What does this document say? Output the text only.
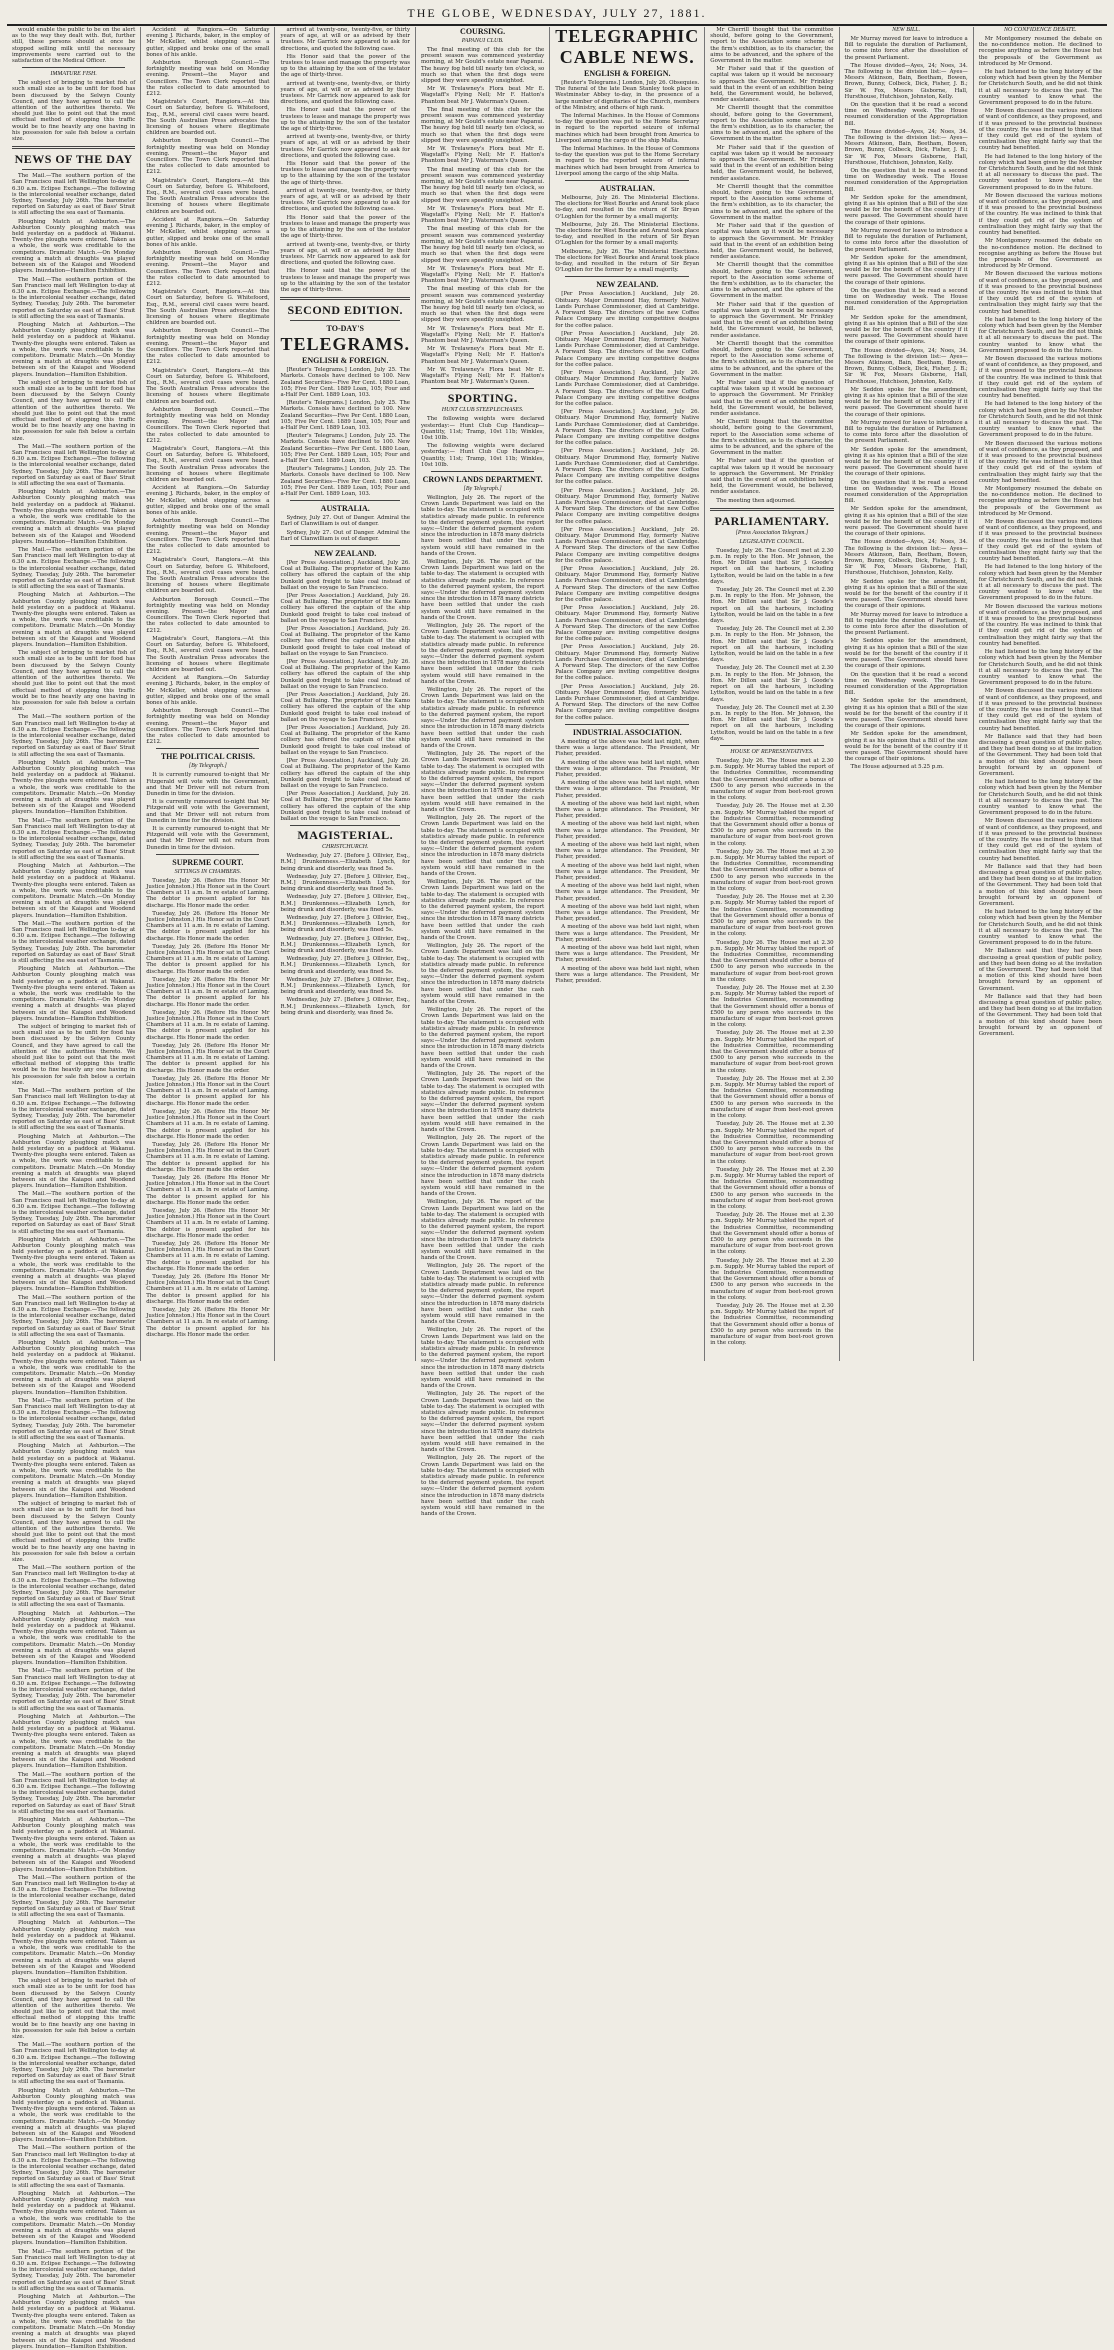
THE GLOBE, WEDNESDAY, JULY 27, 1881.

would enable the public to be on the alert as to the way they dealt with. But, further still, these persons should at once be stopped selling milk until the necessary improvements were carried out to the satisfaction of the Medical Officer.

IMMATURE FISH.

The subject of bringing to market fish of such small size as to be unfit for food has been discussed by the Selwyn County Council, and they have agreed to call the attention of the authorities thereto. We should just like to point out that the most effectual method of stopping this traffic would be to fine heavily any one having in his possession for sale fish below a certain size.

NEWS OF THE DAY

The Mail.—The southern portion of the San Francisco mail left Wellington to-day at 6.30 a.m. Eclipse Exchange.—The following is the intercolonial weather exchange, dated Sydney, Tuesday, July 26th. The barometer reported on Saturday as east of Bass' Strait is still affecting the sea east of Tasmania.

Ploughing Match at Ashburton.—The Ashburton County ploughing match was held yesterday on a paddock at Wakanui. Twenty-five ploughs were entered. Taken as a whole, the work was creditable to the competitors. Dramatic Match.—On Monday evening a match at draughts was played between six of the Kaiapoi and Woodend players. Inundation—Hamilton Exhibition.

The Mail.—The southern portion of the San Francisco mail left Wellington to-day at 6.30 a.m. Eclipse Exchange.—The following is the intercolonial weather exchange, dated Sydney, Tuesday, July 26th. The barometer reported on Saturday as east of Bass' Strait is still affecting the sea east of Tasmania.

Ploughing Match at Ashburton.—The Ashburton County ploughing match was held yesterday on a paddock at Wakanui. Twenty-five ploughs were entered. Taken as a whole, the work was creditable to the competitors. Dramatic Match.—On Monday evening a match at draughts was played between six of the Kaiapoi and Woodend players. Inundation—Hamilton Exhibition.

The subject of bringing to market fish of such small size as to be unfit for food has been discussed by the Selwyn County Council, and they have agreed to call the attention of the authorities thereto. We should just like to point out that the most effectual method of stopping this traffic would be to fine heavily any one having in his possession for sale fish below a certain size.

The Mail.—The southern portion of the San Francisco mail left Wellington to-day at 6.30 a.m. Eclipse Exchange.—The following is the intercolonial weather exchange, dated Sydney, Tuesday, July 26th. The barometer reported on Saturday as east of Bass' Strait is still affecting the sea east of Tasmania.

Ploughing Match at Ashburton.—The Ashburton County ploughing match was held yesterday on a paddock at Wakanui. Twenty-five ploughs were entered. Taken as a whole, the work was creditable to the competitors. Dramatic Match.—On Monday evening a match at draughts was played between six of the Kaiapoi and Woodend players. Inundation—Hamilton Exhibition.

The Mail.—The southern portion of the San Francisco mail left Wellington to-day at 6.30 a.m. Eclipse Exchange.—The following is the intercolonial weather exchange, dated Sydney, Tuesday, July 26th. The barometer reported on Saturday as east of Bass' Strait is still affecting the sea east of Tasmania.

Ploughing Match at Ashburton.—The Ashburton County ploughing match was held yesterday on a paddock at Wakanui. Twenty-five ploughs were entered. Taken as a whole, the work was creditable to the competitors. Dramatic Match.—On Monday evening a match at draughts was played between six of the Kaiapoi and Woodend players. Inundation—Hamilton Exhibition.

The subject of bringing to market fish of such small size as to be unfit for food has been discussed by the Selwyn County Council, and they have agreed to call the attention of the authorities thereto. We should just like to point out that the most effectual method of stopping this traffic would be to fine heavily any one having in his possession for sale fish below a certain size.

The Mail.—The southern portion of the San Francisco mail left Wellington to-day at 6.30 a.m. Eclipse Exchange.—The following is the intercolonial weather exchange, dated Sydney, Tuesday, July 26th. The barometer reported on Saturday as east of Bass' Strait is still affecting the sea east of Tasmania.

Ploughing Match at Ashburton.—The Ashburton County ploughing match was held yesterday on a paddock at Wakanui. Twenty-five ploughs were entered. Taken as a whole, the work was creditable to the competitors. Dramatic Match.—On Monday evening a match at draughts was played between six of the Kaiapoi and Woodend players. Inundation—Hamilton Exhibition.

The Mail.—The southern portion of the San Francisco mail left Wellington to-day at 6.30 a.m. Eclipse Exchange.—The following is the intercolonial weather exchange, dated Sydney, Tuesday, July 26th. The barometer reported on Saturday as east of Bass' Strait is still affecting the sea east of Tasmania.

Ploughing Match at Ashburton.—The Ashburton County ploughing match was held yesterday on a paddock at Wakanui. Twenty-five ploughs were entered. Taken as a whole, the work was creditable to the competitors. Dramatic Match.—On Monday evening a match at draughts was played between six of the Kaiapoi and Woodend players. Inundation—Hamilton Exhibition.

The Mail.—The southern portion of the San Francisco mail left Wellington to-day at 6.30 a.m. Eclipse Exchange.—The following is the intercolonial weather exchange, dated Sydney, Tuesday, July 26th. The barometer reported on Saturday as east of Bass' Strait is still affecting the sea east of Tasmania.

Ploughing Match at Ashburton.—The Ashburton County ploughing match was held yesterday on a paddock at Wakanui. Twenty-five ploughs were entered. Taken as a whole, the work was creditable to the competitors. Dramatic Match.—On Monday evening a match at draughts was played between six of the Kaiapoi and Woodend players. Inundation—Hamilton Exhibition.

The subject of bringing to market fish of such small size as to be unfit for food has been discussed by the Selwyn County Council, and they have agreed to call the attention of the authorities thereto. We should just like to point out that the most effectual method of stopping this traffic would be to fine heavily any one having in his possession for sale fish below a certain size.

The Mail.—The southern portion of the San Francisco mail left Wellington to-day at 6.30 a.m. Eclipse Exchange.—The following is the intercolonial weather exchange, dated Sydney, Tuesday, July 26th. The barometer reported on Saturday as east of Bass' Strait is still affecting the sea east of Tasmania.

Ploughing Match at Ashburton.—The Ashburton County ploughing match was held yesterday on a paddock at Wakanui. Twenty-five ploughs were entered. Taken as a whole, the work was creditable to the competitors. Dramatic Match.—On Monday evening a match at draughts was played between six of the Kaiapoi and Woodend players. Inundation—Hamilton Exhibition.

The Mail.—The southern portion of the San Francisco mail left Wellington to-day at 6.30 a.m. Eclipse Exchange.—The following is the intercolonial weather exchange, dated Sydney, Tuesday, July 26th. The barometer reported on Saturday as east of Bass' Strait is still affecting the sea east of Tasmania.

Ploughing Match at Ashburton.—The Ashburton County ploughing match was held yesterday on a paddock at Wakanui. Twenty-five ploughs were entered. Taken as a whole, the work was creditable to the competitors. Dramatic Match.—On Monday evening a match at draughts was played between six of the Kaiapoi and Woodend players. Inundation—Hamilton Exhibition.

The Mail.—The southern portion of the San Francisco mail left Wellington to-day at 6.30 a.m. Eclipse Exchange.—The following is the intercolonial weather exchange, dated Sydney, Tuesday, July 26th. The barometer reported on Saturday as east of Bass' Strait is still affecting the sea east of Tasmania.

Ploughing Match at Ashburton.—The Ashburton County ploughing match was held yesterday on a paddock at Wakanui. Twenty-five ploughs were entered. Taken as a whole, the work was creditable to the competitors. Dramatic Match.—On Monday evening a match at draughts was played between six of the Kaiapoi and Woodend players. Inundation—Hamilton Exhibition.

The Mail.—The southern portion of the San Francisco mail left Wellington to-day at 6.30 a.m. Eclipse Exchange.—The following is the intercolonial weather exchange, dated Sydney, Tuesday, July 26th. The barometer reported on Saturday as east of Bass' Strait is still affecting the sea east of Tasmania.

Ploughing Match at Ashburton.—The Ashburton County ploughing match was held yesterday on a paddock at Wakanui. Twenty-five ploughs were entered. Taken as a whole, the work was creditable to the competitors. Dramatic Match.—On Monday evening a match at draughts was played between six of the Kaiapoi and Woodend players. Inundation—Hamilton Exhibition.

The subject of bringing to market fish of such small size as to be unfit for food has been discussed by the Selwyn County Council, and they have agreed to call the attention of the authorities thereto. We should just like to point out that the most effectual method of stopping this traffic would be to fine heavily any one having in his possession for sale fish below a certain size.

The Mail.—The southern portion of the San Francisco mail left Wellington to-day at 6.30 a.m. Eclipse Exchange.—The following is the intercolonial weather exchange, dated Sydney, Tuesday, July 26th. The barometer reported on Saturday as east of Bass' Strait is still affecting the sea east of Tasmania.

Ploughing Match at Ashburton.—The Ashburton County ploughing match was held yesterday on a paddock at Wakanui. Twenty-five ploughs were entered. Taken as a whole, the work was creditable to the competitors. Dramatic Match.—On Monday evening a match at draughts was played between six of the Kaiapoi and Woodend players. Inundation—Hamilton Exhibition.

The Mail.—The southern portion of the San Francisco mail left Wellington to-day at 6.30 a.m. Eclipse Exchange.—The following is the intercolonial weather exchange, dated Sydney, Tuesday, July 26th. The barometer reported on Saturday as east of Bass' Strait is still affecting the sea east of Tasmania.

Ploughing Match at Ashburton.—The Ashburton County ploughing match was held yesterday on a paddock at Wakanui. Twenty-five ploughs were entered. Taken as a whole, the work was creditable to the competitors. Dramatic Match.—On Monday evening a match at draughts was played between six of the Kaiapoi and Woodend players. Inundation—Hamilton Exhibition.

The Mail.—The southern portion of the San Francisco mail left Wellington to-day at 6.30 a.m. Eclipse Exchange.—The following is the intercolonial weather exchange, dated Sydney, Tuesday, July 26th. The barometer reported on Saturday as east of Bass' Strait is still affecting the sea east of Tasmania.

Ploughing Match at Ashburton.—The Ashburton County ploughing match was held yesterday on a paddock at Wakanui. Twenty-five ploughs were entered. Taken as a whole, the work was creditable to the competitors. Dramatic Match.—On Monday evening a match at draughts was played between six of the Kaiapoi and Woodend players. Inundation—Hamilton Exhibition.

The Mail.—The southern portion of the San Francisco mail left Wellington to-day at 6.30 a.m. Eclipse Exchange.—The following is the intercolonial weather exchange, dated Sydney, Tuesday, July 26th. The barometer reported on Saturday as east of Bass' Strait is still affecting the sea east of Tasmania.

Ploughing Match at Ashburton.—The Ashburton County ploughing match was held yesterday on a paddock at Wakanui. Twenty-five ploughs were entered. Taken as a whole, the work was creditable to the competitors. Dramatic Match.—On Monday evening a match at draughts was played between six of the Kaiapoi and Woodend players. Inundation—Hamilton Exhibition.

The subject of bringing to market fish of such small size as to be unfit for food has been discussed by the Selwyn County Council, and they have agreed to call the attention of the authorities thereto. We should just like to point out that the most effectual method of stopping this traffic would be to fine heavily any one having in his possession for sale fish below a certain size.

The Mail.—The southern portion of the San Francisco mail left Wellington to-day at 6.30 a.m. Eclipse Exchange.—The following is the intercolonial weather exchange, dated Sydney, Tuesday, July 26th. The barometer reported on Saturday as east of Bass' Strait is still affecting the sea east of Tasmania.

Ploughing Match at Ashburton.—The Ashburton County ploughing match was held yesterday on a paddock at Wakanui. Twenty-five ploughs were entered. Taken as a whole, the work was creditable to the competitors. Dramatic Match.—On Monday evening a match at draughts was played between six of the Kaiapoi and Woodend players. Inundation—Hamilton Exhibition.

The Mail.—The southern portion of the San Francisco mail left Wellington to-day at 6.30 a.m. Eclipse Exchange.—The following is the intercolonial weather exchange, dated Sydney, Tuesday, July 26th. The barometer reported on Saturday as east of Bass' Strait is still affecting the sea east of Tasmania.

Ploughing Match at Ashburton.—The Ashburton County ploughing match was held yesterday on a paddock at Wakanui. Twenty-five ploughs were entered. Taken as a whole, the work was creditable to the competitors. Dramatic Match.—On Monday evening a match at draughts was played between six of the Kaiapoi and Woodend players. Inundation—Hamilton Exhibition.

The Mail.—The southern portion of the San Francisco mail left Wellington to-day at 6.30 a.m. Eclipse Exchange.—The following is the intercolonial weather exchange, dated Sydney, Tuesday, July 26th. The barometer reported on Saturday as east of Bass' Strait is still affecting the sea east of Tasmania.

Ploughing Match at Ashburton.—The Ashburton County ploughing match was held yesterday on a paddock at Wakanui. Twenty-five ploughs were entered. Taken as a whole, the work was creditable to the competitors. Dramatic Match.—On Monday evening a match at draughts was played between six of the Kaiapoi and Woodend players. Inundation—Hamilton Exhibition.

Accident at Rangiora.—On Saturday evening J. Richards, baker, in the employ of Mr McKeller, whilst stepping across a gutter, slipped and broke one of the small bones of his ankle.

Ashburton Borough Council.—The fortnightly meeting was held on Monday evening. Present—the Mayor and Councillors. The Town Clerk reported that the rates collected to date amounted to £212.

Magistrate's Court, Rangiora.—At this Court on Saturday, before G. Whitefoord, Esq., R.M., several civil cases were heard. The South Australian Press advocates the licensing of houses where illegitimate children are boarded out.

Ashburton Borough Council.—The fortnightly meeting was held on Monday evening. Present—the Mayor and Councillors. The Town Clerk reported that the rates collected to date amounted to £212.

Magistrate's Court, Rangiora.—At this Court on Saturday, before G. Whitefoord, Esq., R.M., several civil cases were heard. The South Australian Press advocates the licensing of houses where illegitimate children are boarded out.

Accident at Rangiora.—On Saturday evening J. Richards, baker, in the employ of Mr McKeller, whilst stepping across a gutter, slipped and broke one of the small bones of his ankle.

Ashburton Borough Council.—The fortnightly meeting was held on Monday evening. Present—the Mayor and Councillors. The Town Clerk reported that the rates collected to date amounted to £212.

Magistrate's Court, Rangiora.—At this Court on Saturday, before G. Whitefoord, Esq., R.M., several civil cases were heard. The South Australian Press advocates the licensing of houses where illegitimate children are boarded out.

Ashburton Borough Council.—The fortnightly meeting was held on Monday evening. Present—the Mayor and Councillors. The Town Clerk reported that the rates collected to date amounted to £212.

Magistrate's Court, Rangiora.—At this Court on Saturday, before G. Whitefoord, Esq., R.M., several civil cases were heard. The South Australian Press advocates the licensing of houses where illegitimate children are boarded out.

Ashburton Borough Council.—The fortnightly meeting was held on Monday evening. Present—the Mayor and Councillors. The Town Clerk reported that the rates collected to date amounted to £212.

Magistrate's Court, Rangiora.—At this Court on Saturday, before G. Whitefoord, Esq., R.M., several civil cases were heard. The South Australian Press advocates the licensing of houses where illegitimate children are boarded out.

Accident at Rangiora.—On Saturday evening J. Richards, baker, in the employ of Mr McKeller, whilst stepping across a gutter, slipped and broke one of the small bones of his ankle.

Ashburton Borough Council.—The fortnightly meeting was held on Monday evening. Present—the Mayor and Councillors. The Town Clerk reported that the rates collected to date amounted to £212.

Magistrate's Court, Rangiora.—At this Court on Saturday, before G. Whitefoord, Esq., R.M., several civil cases were heard. The South Australian Press advocates the licensing of houses where illegitimate children are boarded out.

Ashburton Borough Council.—The fortnightly meeting was held on Monday evening. Present—the Mayor and Councillors. The Town Clerk reported that the rates collected to date amounted to £212.

Magistrate's Court, Rangiora.—At this Court on Saturday, before G. Whitefoord, Esq., R.M., several civil cases were heard. The South Australian Press advocates the licensing of houses where illegitimate children are boarded out.

Accident at Rangiora.—On Saturday evening J. Richards, baker, in the employ of Mr McKeller, whilst stepping across a gutter, slipped and broke one of the small bones of his ankle.

Ashburton Borough Council.—The fortnightly meeting was held on Monday evening. Present—the Mayor and Councillors. The Town Clerk reported that the rates collected to date amounted to £212.

THE POLITICAL CRISIS.

[By Telegraph.]

It is currently rumoured to-night that Mr Fitzgerald will vote with the Government, and that Mr Driver will not return from Dunedin in time for the division.

It is currently rumoured to-night that Mr Fitzgerald will vote with the Government, and that Mr Driver will not return from Dunedin in time for the division.

It is currently rumoured to-night that Mr Fitzgerald will vote with the Government, and that Mr Driver will not return from Dunedin in time for the division.

SUPREME COURT.

SITTINGS IN CHAMBERS.

Tuesday, July 26. (Before His Honor Mr Justice Johnston.) His Honor sat in the Court Chambers at 11 a.m. In re estate of Laming. The debtor is present applied for his discharge. His Honor made the order.

Tuesday, July 26. (Before His Honor Mr Justice Johnston.) His Honor sat in the Court Chambers at 11 a.m. In re estate of Laming. The debtor is present applied for his discharge. His Honor made the order.

Tuesday, July 26. (Before His Honor Mr Justice Johnston.) His Honor sat in the Court Chambers at 11 a.m. In re estate of Laming. The debtor is present applied for his discharge. His Honor made the order.

Tuesday, July 26. (Before His Honor Mr Justice Johnston.) His Honor sat in the Court Chambers at 11 a.m. In re estate of Laming. The debtor is present applied for his discharge. His Honor made the order.

Tuesday, July 26. (Before His Honor Mr Justice Johnston.) His Honor sat in the Court Chambers at 11 a.m. In re estate of Laming. The debtor is present applied for his discharge. His Honor made the order.

Tuesday, July 26. (Before His Honor Mr Justice Johnston.) His Honor sat in the Court Chambers at 11 a.m. In re estate of Laming. The debtor is present applied for his discharge. His Honor made the order.

Tuesday, July 26. (Before His Honor Mr Justice Johnston.) His Honor sat in the Court Chambers at 11 a.m. In re estate of Laming. The debtor is present applied for his discharge. His Honor made the order.

Tuesday, July 26. (Before His Honor Mr Justice Johnston.) His Honor sat in the Court Chambers at 11 a.m. In re estate of Laming. The debtor is present applied for his discharge. His Honor made the order.

Tuesday, July 26. (Before His Honor Mr Justice Johnston.) His Honor sat in the Court Chambers at 11 a.m. In re estate of Laming. The debtor is present applied for his discharge. His Honor made the order.

Tuesday, July 26. (Before His Honor Mr Justice Johnston.) His Honor sat in the Court Chambers at 11 a.m. In re estate of Laming. The debtor is present applied for his discharge. His Honor made the order.

Tuesday, July 26. (Before His Honor Mr Justice Johnston.) His Honor sat in the Court Chambers at 11 a.m. In re estate of Laming. The debtor is present applied for his discharge. His Honor made the order.

Tuesday, July 26. (Before His Honor Mr Justice Johnston.) His Honor sat in the Court Chambers at 11 a.m. In re estate of Laming. The debtor is present applied for his discharge. His Honor made the order.

Tuesday, July 26. (Before His Honor Mr Justice Johnston.) His Honor sat in the Court Chambers at 11 a.m. In re estate of Laming. The debtor is present applied for his discharge. His Honor made the order.

Tuesday, July 26. (Before His Honor Mr Justice Johnston.) His Honor sat in the Court Chambers at 11 a.m. In re estate of Laming. The debtor is present applied for his discharge. His Honor made the order.

arrived at twenty-one, twenty-five, or thirty years of age, at will or as advised by their trustees. Mr Garrick now appeared to ask for directions, and quoted the following case.

His Honor said that the power of the trustees to lease and manage the property was up to the attaining by the son of the testator the age of thirty-three.

arrived at twenty-one, twenty-five, or thirty years of age, at will or as advised by their trustees. Mr Garrick now appeared to ask for directions, and quoted the following case.

His Honor said that the power of the trustees to lease and manage the property was up to the attaining by the son of the testator the age of thirty-three.

arrived at twenty-one, twenty-five, or thirty years of age, at will or as advised by their trustees. Mr Garrick now appeared to ask for directions, and quoted the following case.

His Honor said that the power of the trustees to lease and manage the property was up to the attaining by the son of the testator the age of thirty-three.

arrived at twenty-one, twenty-five, or thirty years of age, at will or as advised by their trustees. Mr Garrick now appeared to ask for directions, and quoted the following case.

His Honor said that the power of the trustees to lease and manage the property was up to the attaining by the son of the testator the age of thirty-three.

arrived at twenty-one, twenty-five, or thirty years of age, at will or as advised by their trustees. Mr Garrick now appeared to ask for directions, and quoted the following case.

His Honor said that the power of the trustees to lease and manage the property was up to the attaining by the son of the testator the age of thirty-three.

SECOND EDITION.

TO-DAY'S

TELEGRAMS.

ENGLISH & FOREIGN.

[Reuter's Telegrams.] London, July 25. The Markets. Consols have declined to 100. New Zealand Securities—Five Per Cent. 1880 Loan, 105; Five Per Cent. 1889 Loan, 105; Four and a-Half Per Cent. 1889 Loan, 103.

[Reuter's Telegrams.] London, July 25. The Markets. Consols have declined to 100. New Zealand Securities—Five Per Cent. 1880 Loan, 105; Five Per Cent. 1889 Loan, 105; Four and a-Half Per Cent. 1889 Loan, 103.

[Reuter's Telegrams.] London, July 25. The Markets. Consols have declined to 100. New Zealand Securities—Five Per Cent. 1880 Loan, 105; Five Per Cent. 1889 Loan, 105; Four and a-Half Per Cent. 1889 Loan, 103.

[Reuter's Telegrams.] London, July 25. The Markets. Consols have declined to 100. New Zealand Securities—Five Per Cent. 1880 Loan, 105; Five Per Cent. 1889 Loan, 105; Four and a-Half Per Cent. 1889 Loan, 103.

AUSTRALIA.

Sydney, July 27. Out of Danger. Admiral the Earl of Clanwilliam is out of danger.

Sydney, July 27. Out of Danger. Admiral the Earl of Clanwilliam is out of danger.

NEW ZEALAND.

[Per Press Association.] Auckland, July 26. Coal at Bulliaing. The proprietor of the Kamo colliery has offered the captain of the ship Dunkeld good freight to take coal instead of ballast on the voyage to San Francisco.

[Per Press Association.] Auckland, July 26. Coal at Bulliaing. The proprietor of the Kamo colliery has offered the captain of the ship Dunkeld good freight to take coal instead of ballast on the voyage to San Francisco.

[Per Press Association.] Auckland, July 26. Coal at Bulliaing. The proprietor of the Kamo colliery has offered the captain of the ship Dunkeld good freight to take coal instead of ballast on the voyage to San Francisco.

[Per Press Association.] Auckland, July 26. Coal at Bulliaing. The proprietor of the Kamo colliery has offered the captain of the ship Dunkeld good freight to take coal instead of ballast on the voyage to San Francisco.

[Per Press Association.] Auckland, July 26. Coal at Bulliaing. The proprietor of the Kamo colliery has offered the captain of the ship Dunkeld good freight to take coal instead of ballast on the voyage to San Francisco.

[Per Press Association.] Auckland, July 26. Coal at Bulliaing. The proprietor of the Kamo colliery has offered the captain of the ship Dunkeld good freight to take coal instead of ballast on the voyage to San Francisco.

[Per Press Association.] Auckland, July 26. Coal at Bulliaing. The proprietor of the Kamo colliery has offered the captain of the ship Dunkeld good freight to take coal instead of ballast on the voyage to San Francisco.

[Per Press Association.] Auckland, July 26. Coal at Bulliaing. The proprietor of the Kamo colliery has offered the captain of the ship Dunkeld good freight to take coal instead of ballast on the voyage to San Francisco.

MAGISTERIAL.

CHRISTCHURCH.

Wednesday, July 27. [Before J. Ollivier, Esq., R.M.] Drunkenness.—Elizabeth Lynch, for being drunk and disorderly, was fined 5s.

Wednesday, July 27. [Before J. Ollivier, Esq., R.M.] Drunkenness.—Elizabeth Lynch, for being drunk and disorderly, was fined 5s.

Wednesday, July 27. [Before J. Ollivier, Esq., R.M.] Drunkenness.—Elizabeth Lynch, for being drunk and disorderly, was fined 5s.

Wednesday, July 27. [Before J. Ollivier, Esq., R.M.] Drunkenness.—Elizabeth Lynch, for being drunk and disorderly, was fined 5s.

Wednesday, July 27. [Before J. Ollivier, Esq., R.M.] Drunkenness.—Elizabeth Lynch, for being drunk and disorderly, was fined 5s.

Wednesday, July 27. [Before J. Ollivier, Esq., R.M.] Drunkenness.—Elizabeth Lynch, for being drunk and disorderly, was fined 5s.

Wednesday, July 27. [Before J. Ollivier, Esq., R.M.] Drunkenness.—Elizabeth Lynch, for being drunk and disorderly, was fined 5s.

Wednesday, July 27. [Before J. Ollivier, Esq., R.M.] Drunkenness.—Elizabeth Lynch, for being drunk and disorderly, was fined 5s.

COURSING.

PAPANUI CLUB.

The final meeting of this club for the present season was commenced yesterday morning, at Mr Gould's estate near Papanui. The heavy fog held till nearly ten o'clock, so much so that when the first dogs were slipped they were speedily unsighted.

Mr W. Trelawney's Flora beat Mr E. Wagstaff's Flying Nell; Mr F. Hatton's Phantom beat Mr J. Waterman's Queen.

The final meeting of this club for the present season was commenced yesterday morning, at Mr Gould's estate near Papanui. The heavy fog held till nearly ten o'clock, so much so that when the first dogs were slipped they were speedily unsighted.

Mr W. Trelawney's Flora beat Mr E. Wagstaff's Flying Nell; Mr F. Hatton's Phantom beat Mr J. Waterman's Queen.

The final meeting of this club for the present season was commenced yesterday morning, at Mr Gould's estate near Papanui. The heavy fog held till nearly ten o'clock, so much so that when the first dogs were slipped they were speedily unsighted.

Mr W. Trelawney's Flora beat Mr E. Wagstaff's Flying Nell; Mr F. Hatton's Phantom beat Mr J. Waterman's Queen.

The final meeting of this club for the present season was commenced yesterday morning, at Mr Gould's estate near Papanui. The heavy fog held till nearly ten o'clock, so much so that when the first dogs were slipped they were speedily unsighted.

Mr W. Trelawney's Flora beat Mr E. Wagstaff's Flying Nell; Mr F. Hatton's Phantom beat Mr J. Waterman's Queen.

The final meeting of this club for the present season was commenced yesterday morning, at Mr Gould's estate near Papanui. The heavy fog held till nearly ten o'clock, so much so that when the first dogs were slipped they were speedily unsighted.

Mr W. Trelawney's Flora beat Mr E. Wagstaff's Flying Nell; Mr F. Hatton's Phantom beat Mr J. Waterman's Queen.

Mr W. Trelawney's Flora beat Mr E. Wagstaff's Flying Nell; Mr F. Hatton's Phantom beat Mr J. Waterman's Queen.

Mr W. Trelawney's Flora beat Mr E. Wagstaff's Flying Nell; Mr F. Hatton's Phantom beat Mr J. Waterman's Queen.

SPORTING.

HUNT CLUB STEEPLECHASES.

The following weights were declared yesterday:— Hunt Club Cup Handicap—Quantity, 11st; Tramp, 10st 11b; Winkles, 10st 10lb.

The following weights were declared yesterday:— Hunt Club Cup Handicap—Quantity, 11st; Tramp, 10st 11b; Winkles, 10st 10lb.

CROWN LANDS DEPARTMENT.

[By Telegraph.]

Wellington, July 26. The report of the Crown Lands Department was laid on the table to-day. The statement is occupied with statistics already made public. In reference to the deferred payment system, the report says:—Under the deferred payment system since the introduction in 1878 many districts have been settled that under the cash system would still have remained in the hands of the Crown.

Wellington, July 26. The report of the Crown Lands Department was laid on the table to-day. The statement is occupied with statistics already made public. In reference to the deferred payment system, the report says:—Under the deferred payment system since the introduction in 1878 many districts have been settled that under the cash system would still have remained in the hands of the Crown.

Wellington, July 26. The report of the Crown Lands Department was laid on the table to-day. The statement is occupied with statistics already made public. In reference to the deferred payment system, the report says:—Under the deferred payment system since the introduction in 1878 many districts have been settled that under the cash system would still have remained in the hands of the Crown.

Wellington, July 26. The report of the Crown Lands Department was laid on the table to-day. The statement is occupied with statistics already made public. In reference to the deferred payment system, the report says:—Under the deferred payment system since the introduction in 1878 many districts have been settled that under the cash system would still have remained in the hands of the Crown.

Wellington, July 26. The report of the Crown Lands Department was laid on the table to-day. The statement is occupied with statistics already made public. In reference to the deferred payment system, the report says:—Under the deferred payment system since the introduction in 1878 many districts have been settled that under the cash system would still have remained in the hands of the Crown.

Wellington, July 26. The report of the Crown Lands Department was laid on the table to-day. The statement is occupied with statistics already made public. In reference to the deferred payment system, the report says:—Under the deferred payment system since the introduction in 1878 many districts have been settled that under the cash system would still have remained in the hands of the Crown.

Wellington, July 26. The report of the Crown Lands Department was laid on the table to-day. The statement is occupied with statistics already made public. In reference to the deferred payment system, the report says:—Under the deferred payment system since the introduction in 1878 many districts have been settled that under the cash system would still have remained in the hands of the Crown.

Wellington, July 26. The report of the Crown Lands Department was laid on the table to-day. The statement is occupied with statistics already made public. In reference to the deferred payment system, the report says:—Under the deferred payment system since the introduction in 1878 many districts have been settled that under the cash system would still have remained in the hands of the Crown.

Wellington, July 26. The report of the Crown Lands Department was laid on the table to-day. The statement is occupied with statistics already made public. In reference to the deferred payment system, the report says:—Under the deferred payment system since the introduction in 1878 many districts have been settled that under the cash system would still have remained in the hands of the Crown.

Wellington, July 26. The report of the Crown Lands Department was laid on the table to-day. The statement is occupied with statistics already made public. In reference to the deferred payment system, the report says:—Under the deferred payment system since the introduction in 1878 many districts have been settled that under the cash system would still have remained in the hands of the Crown.

Wellington, July 26. The report of the Crown Lands Department was laid on the table to-day. The statement is occupied with statistics already made public. In reference to the deferred payment system, the report says:—Under the deferred payment system since the introduction in 1878 many districts have been settled that under the cash system would still have remained in the hands of the Crown.

Wellington, July 26. The report of the Crown Lands Department was laid on the table to-day. The statement is occupied with statistics already made public. In reference to the deferred payment system, the report says:—Under the deferred payment system since the introduction in 1878 many districts have been settled that under the cash system would still have remained in the hands of the Crown.

Wellington, July 26. The report of the Crown Lands Department was laid on the table to-day. The statement is occupied with statistics already made public. In reference to the deferred payment system, the report says:—Under the deferred payment system since the introduction in 1878 many districts have been settled that under the cash system would still have remained in the hands of the Crown.

Wellington, July 26. The report of the Crown Lands Department was laid on the table to-day. The statement is occupied with statistics already made public. In reference to the deferred payment system, the report says:—Under the deferred payment system since the introduction in 1878 many districts have been settled that under the cash system would still have remained in the hands of the Crown.

Wellington, July 26. The report of the Crown Lands Department was laid on the table to-day. The statement is occupied with statistics already made public. In reference to the deferred payment system, the report says:—Under the deferred payment system since the introduction in 1878 many districts have been settled that under the cash system would still have remained in the hands of the Crown.

Wellington, July 26. The report of the Crown Lands Department was laid on the table to-day. The statement is occupied with statistics already made public. In reference to the deferred payment system, the report says:—Under the deferred payment system since the introduction in 1878 many districts have been settled that under the cash system would still have remained in the hands of the Crown.

TELEGRAPHIC

CABLE NEWS.

ENGLISH & FOREIGN.

[Reuter's Telegrams.] London, July 26. Obsequies. The funeral of the late Dean Stanley took place in Westminster Abbey to-day, in the presence of a large number of dignitaries of the Church, members of the Ministry, and others of high rank.

The Infernal Machines. In the House of Commons to-day the question was put to the Home Secretary in regard to the reported seizure of infernal machines which had been brought from America to Liverpool among the cargo of the ship Malta.

The Infernal Machines. In the House of Commons to-day the question was put to the Home Secretary in regard to the reported seizure of infernal machines which had been brought from America to Liverpool among the cargo of the ship Malta.

AUSTRALIAN.

Melbourne, July 26. The Ministerial Elections. The elections for West Bourke and Ararat took place to-day, and resulted in the return of Sir Bryan O'Loghlen for the former by a small majority.

Melbourne, July 26. The Ministerial Elections. The elections for West Bourke and Ararat took place to-day, and resulted in the return of Sir Bryan O'Loghlen for the former by a small majority.

Melbourne, July 26. The Ministerial Elections. The elections for West Bourke and Ararat took place to-day, and resulted in the return of Sir Bryan O'Loghlen for the former by a small majority.

NEW ZEALAND.

[Per Press Association.] Auckland, July 26. Obituary. Major Drummond Hay, formerly Native Lands Purchase Commissioner, died at Cambridge. A Forward Step. The directors of the new Coffee Palace Company are inviting competitive designs for the coffee palace.

[Per Press Association.] Auckland, July 26. Obituary. Major Drummond Hay, formerly Native Lands Purchase Commissioner, died at Cambridge. A Forward Step. The directors of the new Coffee Palace Company are inviting competitive designs for the coffee palace.

[Per Press Association.] Auckland, July 26. Obituary. Major Drummond Hay, formerly Native Lands Purchase Commissioner, died at Cambridge. A Forward Step. The directors of the new Coffee Palace Company are inviting competitive designs for the coffee palace.

[Per Press Association.] Auckland, July 26. Obituary. Major Drummond Hay, formerly Native Lands Purchase Commissioner, died at Cambridge. A Forward Step. The directors of the new Coffee Palace Company are inviting competitive designs for the coffee palace.

[Per Press Association.] Auckland, July 26. Obituary. Major Drummond Hay, formerly Native Lands Purchase Commissioner, died at Cambridge. A Forward Step. The directors of the new Coffee Palace Company are inviting competitive designs for the coffee palace.

[Per Press Association.] Auckland, July 26. Obituary. Major Drummond Hay, formerly Native Lands Purchase Commissioner, died at Cambridge. A Forward Step. The directors of the new Coffee Palace Company are inviting competitive designs for the coffee palace.

[Per Press Association.] Auckland, July 26. Obituary. Major Drummond Hay, formerly Native Lands Purchase Commissioner, died at Cambridge. A Forward Step. The directors of the new Coffee Palace Company are inviting competitive designs for the coffee palace.

[Per Press Association.] Auckland, July 26. Obituary. Major Drummond Hay, formerly Native Lands Purchase Commissioner, died at Cambridge. A Forward Step. The directors of the new Coffee Palace Company are inviting competitive designs for the coffee palace.

[Per Press Association.] Auckland, July 26. Obituary. Major Drummond Hay, formerly Native Lands Purchase Commissioner, died at Cambridge. A Forward Step. The directors of the new Coffee Palace Company are inviting competitive designs for the coffee palace.

[Per Press Association.] Auckland, July 26. Obituary. Major Drummond Hay, formerly Native Lands Purchase Commissioner, died at Cambridge. A Forward Step. The directors of the new Coffee Palace Company are inviting competitive designs for the coffee palace.

[Per Press Association.] Auckland, July 26. Obituary. Major Drummond Hay, formerly Native Lands Purchase Commissioner, died at Cambridge. A Forward Step. The directors of the new Coffee Palace Company are inviting competitive designs for the coffee palace.

INDUSTRIAL ASSOCIATION.

A meeting of the above was held last night, when there was a large attendance. The President, Mr Fisher, presided.

A meeting of the above was held last night, when there was a large attendance. The President, Mr Fisher, presided.

A meeting of the above was held last night, when there was a large attendance. The President, Mr Fisher, presided.

A meeting of the above was held last night, when there was a large attendance. The President, Mr Fisher, presided.

A meeting of the above was held last night, when there was a large attendance. The President, Mr Fisher, presided.

A meeting of the above was held last night, when there was a large attendance. The President, Mr Fisher, presided.

A meeting of the above was held last night, when there was a large attendance. The President, Mr Fisher, presided.

A meeting of the above was held last night, when there was a large attendance. The President, Mr Fisher, presided.

A meeting of the above was held last night, when there was a large attendance. The President, Mr Fisher, presided.

A meeting of the above was held last night, when there was a large attendance. The President, Mr Fisher, presided.

A meeting of the above was held last night, when there was a large attendance. The President, Mr Fisher, presided.

A meeting of the above was held last night, when there was a large attendance. The President, Mr Fisher, presided.

Mr Cherrill thought that the committee should, before going to the Government, report to the Association some scheme of the firm's exhibition, as to its character, the aims to be advanced, and the sphere of the Government in the matter.

Mr Fisher said that if the question of capital was taken up it would be necessary to approach the Government. Mr Frinkley said that in the event of an exhibition being held, the Government would, he believed, render assistance.

Mr Cherrill thought that the committee should, before going to the Government, report to the Association some scheme of the firm's exhibition, as to its character, the aims to be advanced, and the sphere of the Government in the matter.

Mr Fisher said that if the question of capital was taken up it would be necessary to approach the Government. Mr Frinkley said that in the event of an exhibition being held, the Government would, he believed, render assistance.

Mr Cherrill thought that the committee should, before going to the Government, report to the Association some scheme of the firm's exhibition, as to its character, the aims to be advanced, and the sphere of the Government in the matter.

Mr Fisher said that if the question of capital was taken up it would be necessary to approach the Government. Mr Frinkley said that in the event of an exhibition being held, the Government would, he believed, render assistance.

Mr Cherrill thought that the committee should, before going to the Government, report to the Association some scheme of the firm's exhibition, as to its character, the aims to be advanced, and the sphere of the Government in the matter.

Mr Fisher said that if the question of capital was taken up it would be necessary to approach the Government. Mr Frinkley said that in the event of an exhibition being held, the Government would, he believed, render assistance.

Mr Cherrill thought that the committee should, before going to the Government, report to the Association some scheme of the firm's exhibition, as to its character, the aims to be advanced, and the sphere of the Government in the matter.

Mr Fisher said that if the question of capital was taken up it would be necessary to approach the Government. Mr Frinkley said that in the event of an exhibition being held, the Government would, he believed, render assistance.

Mr Cherrill thought that the committee should, before going to the Government, report to the Association some scheme of the firm's exhibition, as to its character, the aims to be advanced, and the sphere of the Government in the matter.

Mr Fisher said that if the question of capital was taken up it would be necessary to approach the Government. Mr Frinkley said that in the event of an exhibition being held, the Government would, he believed, render assistance.

The meeting then adjourned.

PARLIAMENTARY.

[Press Association Telegram.]

LEGISLATIVE COUNCIL.

Tuesday, July 26. The Council met at 2.30 p.m. In reply to the Hon. Mr Johnson, the Hon. Mr Dillon said that Sir J. Goode's report on all the harbours, including Lyttelton, would be laid on the table in a few days.

Tuesday, July 26. The Council met at 2.30 p.m. In reply to the Hon. Mr Johnson, the Hon. Mr Dillon said that Sir J. Goode's report on all the harbours, including Lyttelton, would be laid on the table in a few days.

Tuesday, July 26. The Council met at 2.30 p.m. In reply to the Hon. Mr Johnson, the Hon. Mr Dillon said that Sir J. Goode's report on all the harbours, including Lyttelton, would be laid on the table in a few days.

Tuesday, July 26. The Council met at 2.30 p.m. In reply to the Hon. Mr Johnson, the Hon. Mr Dillon said that Sir J. Goode's report on all the harbours, including Lyttelton, would be laid on the table in a few days.

Tuesday, July 26. The Council met at 2.30 p.m. In reply to the Hon. Mr Johnson, the Hon. Mr Dillon said that Sir J. Goode's report on all the harbours, including Lyttelton, would be laid on the table in a few days.

HOUSE OF REPRESENTATIVES.

Tuesday, July 26. The House met at 2.30 p.m. Supply. Mr Murray tabled the report of the Industries Committee, recommending that the Government should offer a bonus of £500 to any person who succeeds in the manufacture of sugar from beet-root grown in the colony.

Tuesday, July 26. The House met at 2.30 p.m. Supply. Mr Murray tabled the report of the Industries Committee, recommending that the Government should offer a bonus of £500 to any person who succeeds in the manufacture of sugar from beet-root grown in the colony.

Tuesday, July 26. The House met at 2.30 p.m. Supply. Mr Murray tabled the report of the Industries Committee, recommending that the Government should offer a bonus of £500 to any person who succeeds in the manufacture of sugar from beet-root grown in the colony.

Tuesday, July 26. The House met at 2.30 p.m. Supply. Mr Murray tabled the report of the Industries Committee, recommending that the Government should offer a bonus of £500 to any person who succeeds in the manufacture of sugar from beet-root grown in the colony.

Tuesday, July 26. The House met at 2.30 p.m. Supply. Mr Murray tabled the report of the Industries Committee, recommending that the Government should offer a bonus of £500 to any person who succeeds in the manufacture of sugar from beet-root grown in the colony.

Tuesday, July 26. The House met at 2.30 p.m. Supply. Mr Murray tabled the report of the Industries Committee, recommending that the Government should offer a bonus of £500 to any person who succeeds in the manufacture of sugar from beet-root grown in the colony.

Tuesday, July 26. The House met at 2.30 p.m. Supply. Mr Murray tabled the report of the Industries Committee, recommending that the Government should offer a bonus of £500 to any person who succeeds in the manufacture of sugar from beet-root grown in the colony.

Tuesday, July 26. The House met at 2.30 p.m. Supply. Mr Murray tabled the report of the Industries Committee, recommending that the Government should offer a bonus of £500 to any person who succeeds in the manufacture of sugar from beet-root grown in the colony.

Tuesday, July 26. The House met at 2.30 p.m. Supply. Mr Murray tabled the report of the Industries Committee, recommending that the Government should offer a bonus of £500 to any person who succeeds in the manufacture of sugar from beet-root grown in the colony.

Tuesday, July 26. The House met at 2.30 p.m. Supply. Mr Murray tabled the report of the Industries Committee, recommending that the Government should offer a bonus of £500 to any person who succeeds in the manufacture of sugar from beet-root grown in the colony.

Tuesday, July 26. The House met at 2.30 p.m. Supply. Mr Murray tabled the report of the Industries Committee, recommending that the Government should offer a bonus of £500 to any person who succeeds in the manufacture of sugar from beet-root grown in the colony.

Tuesday, July 26. The House met at 2.30 p.m. Supply. Mr Murray tabled the report of the Industries Committee, recommending that the Government should offer a bonus of £500 to any person who succeeds in the manufacture of sugar from beet-root grown in the colony.

Tuesday, July 26. The House met at 2.30 p.m. Supply. Mr Murray tabled the report of the Industries Committee, recommending that the Government should offer a bonus of £500 to any person who succeeds in the manufacture of sugar from beet-root grown in the colony.

NEW BILL.

Mr Murray moved for leave to introduce a Bill to regulate the duration of Parliament, to come into force after the dissolution of the present Parliament.

The House divided—Ayes, 24; Noes, 34. The following is the division list:— Ayes—Messrs Atkinson, Bain, Beetham, Bowen, Brown, Bunny, Colbeck, Dick, Fisher, J. B.; Sir W. Fox, Messrs Gisborne, Hall, Hursthouse, Hutchison, Johnston, Kelly.

On the question that it be read a second time on Wednesday week. The House resumed consideration of the Appropriation Bill.

The House divided—Ayes, 24; Noes, 34. The following is the division list:— Ayes—Messrs Atkinson, Bain, Beetham, Bowen, Brown, Bunny, Colbeck, Dick, Fisher, J. B.; Sir W. Fox, Messrs Gisborne, Hall, Hursthouse, Hutchison, Johnston, Kelly.

On the question that it be read a second time on Wednesday week. The House resumed consideration of the Appropriation Bill.

Mr Seddon spoke for the amendment, giving it as his opinion that a Bill of the size would be for the benefit of the country if it were passed. The Government should have the courage of their opinions.

Mr Murray moved for leave to introduce a Bill to regulate the duration of Parliament, to come into force after the dissolution of the present Parliament.

Mr Seddon spoke for the amendment, giving it as his opinion that a Bill of the size would be for the benefit of the country if it were passed. The Government should have the courage of their opinions.

On the question that it be read a second time on Wednesday week. The House resumed consideration of the Appropriation Bill.

Mr Seddon spoke for the amendment, giving it as his opinion that a Bill of the size would be for the benefit of the country if it were passed. The Government should have the courage of their opinions.

The House divided—Ayes, 24; Noes, 34. The following is the division list:— Ayes—Messrs Atkinson, Bain, Beetham, Bowen, Brown, Bunny, Colbeck, Dick, Fisher, J. B.; Sir W. Fox, Messrs Gisborne, Hall, Hursthouse, Hutchison, Johnston, Kelly.

Mr Seddon spoke for the amendment, giving it as his opinion that a Bill of the size would be for the benefit of the country if it were passed. The Government should have the courage of their opinions.

Mr Murray moved for leave to introduce a Bill to regulate the duration of Parliament, to come into force after the dissolution of the present Parliament.

Mr Seddon spoke for the amendment, giving it as his opinion that a Bill of the size would be for the benefit of the country if it were passed. The Government should have the courage of their opinions.

On the question that it be read a second time on Wednesday week. The House resumed consideration of the Appropriation Bill.

Mr Seddon spoke for the amendment, giving it as his opinion that a Bill of the size would be for the benefit of the country if it were passed. The Government should have the courage of their opinions.

The House divided—Ayes, 24; Noes, 34. The following is the division list:— Ayes—Messrs Atkinson, Bain, Beetham, Bowen, Brown, Bunny, Colbeck, Dick, Fisher, J. B.; Sir W. Fox, Messrs Gisborne, Hall, Hursthouse, Hutchison, Johnston, Kelly.

Mr Seddon spoke for the amendment, giving it as his opinion that a Bill of the size would be for the benefit of the country if it were passed. The Government should have the courage of their opinions.

Mr Murray moved for leave to introduce a Bill to regulate the duration of Parliament, to come into force after the dissolution of the present Parliament.

Mr Seddon spoke for the amendment, giving it as his opinion that a Bill of the size would be for the benefit of the country if it were passed. The Government should have the courage of their opinions.

On the question that it be read a second time on Wednesday week. The House resumed consideration of the Appropriation Bill.

Mr Seddon spoke for the amendment, giving it as his opinion that a Bill of the size would be for the benefit of the country if it were passed. The Government should have the courage of their opinions.

Mr Seddon spoke for the amendment, giving it as his opinion that a Bill of the size would be for the benefit of the country if it were passed. The Government should have the courage of their opinions.

The House adjourned at 5.25 p.m.

NO CONFIDENCE DEBATE.

Mr Montgomery resumed the debate on the no-confidence motion. He declined to recognise anything as before the House but the proposals of the Government as introduced by Mr Ormond.

He had listened to the long history of the colony which had been given by the Member for Christchurch South, and he did not think it at all necessary to discuss the past. The country wanted to know what the Government proposed to do in the future.

Mr Bowen discussed the various motions of want of confidence, as they proposed, and if it was pressed to the provincial business of the country. He was inclined to think that if they could get rid of the system of centralisation they might fairly say that the country had benefited.

He had listened to the long history of the colony which had been given by the Member for Christchurch South, and he did not think it at all necessary to discuss the past. The country wanted to know what the Government proposed to do in the future.

Mr Bowen discussed the various motions of want of confidence, as they proposed, and if it was pressed to the provincial business of the country. He was inclined to think that if they could get rid of the system of centralisation they might fairly say that the country had benefited.

Mr Montgomery resumed the debate on the no-confidence motion. He declined to recognise anything as before the House but the proposals of the Government as introduced by Mr Ormond.

Mr Bowen discussed the various motions of want of confidence, as they proposed, and if it was pressed to the provincial business of the country. He was inclined to think that if they could get rid of the system of centralisation they might fairly say that the country had benefited.

He had listened to the long history of the colony which had been given by the Member for Christchurch South, and he did not think it at all necessary to discuss the past. The country wanted to know what the Government proposed to do in the future.

Mr Bowen discussed the various motions of want of confidence, as they proposed, and if it was pressed to the provincial business of the country. He was inclined to think that if they could get rid of the system of centralisation they might fairly say that the country had benefited.

He had listened to the long history of the colony which had been given by the Member for Christchurch South, and he did not think it at all necessary to discuss the past. The country wanted to know what the Government proposed to do in the future.

Mr Bowen discussed the various motions of want of confidence, as they proposed, and if it was pressed to the provincial business of the country. He was inclined to think that if they could get rid of the system of centralisation they might fairly say that the country had benefited.

Mr Montgomery resumed the debate on the no-confidence motion. He declined to recognise anything as before the House but the proposals of the Government as introduced by Mr Ormond.

Mr Bowen discussed the various motions of want of confidence, as they proposed, and if it was pressed to the provincial business of the country. He was inclined to think that if they could get rid of the system of centralisation they might fairly say that the country had benefited.

He had listened to the long history of the colony which had been given by the Member for Christchurch South, and he did not think it at all necessary to discuss the past. The country wanted to know what the Government proposed to do in the future.

Mr Bowen discussed the various motions of want of confidence, as they proposed, and if it was pressed to the provincial business of the country. He was inclined to think that if they could get rid of the system of centralisation they might fairly say that the country had benefited.

He had listened to the long history of the colony which had been given by the Member for Christchurch South, and he did not think it at all necessary to discuss the past. The country wanted to know what the Government proposed to do in the future.

Mr Bowen discussed the various motions of want of confidence, as they proposed, and if it was pressed to the provincial business of the country. He was inclined to think that if they could get rid of the system of centralisation they might fairly say that the country had benefited.

Mr Ballance said that they had been discussing a great question of public policy, and they had been doing so at the invitation of the Government. They had been told that a motion of this kind should have been brought forward by an opponent of Government.

He had listened to the long history of the colony which had been given by the Member for Christchurch South, and he did not think it at all necessary to discuss the past. The country wanted to know what the Government proposed to do in the future.

Mr Bowen discussed the various motions of want of confidence, as they proposed, and if it was pressed to the provincial business of the country. He was inclined to think that if they could get rid of the system of centralisation they might fairly say that the country had benefited.

Mr Ballance said that they had been discussing a great question of public policy, and they had been doing so at the invitation of the Government. They had been told that a motion of this kind should have been brought forward by an opponent of Government.

He had listened to the long history of the colony which had been given by the Member for Christchurch South, and he did not think it at all necessary to discuss the past. The country wanted to know what the Government proposed to do in the future.

Mr Ballance said that they had been discussing a great question of public policy, and they had been doing so at the invitation of the Government. They had been told that a motion of this kind should have been brought forward by an opponent of Government.

Mr Ballance said that they had been discussing a great question of public policy, and they had been doing so at the invitation of the Government. They had been told that a motion of this kind should have been brought forward by an opponent of Government.
